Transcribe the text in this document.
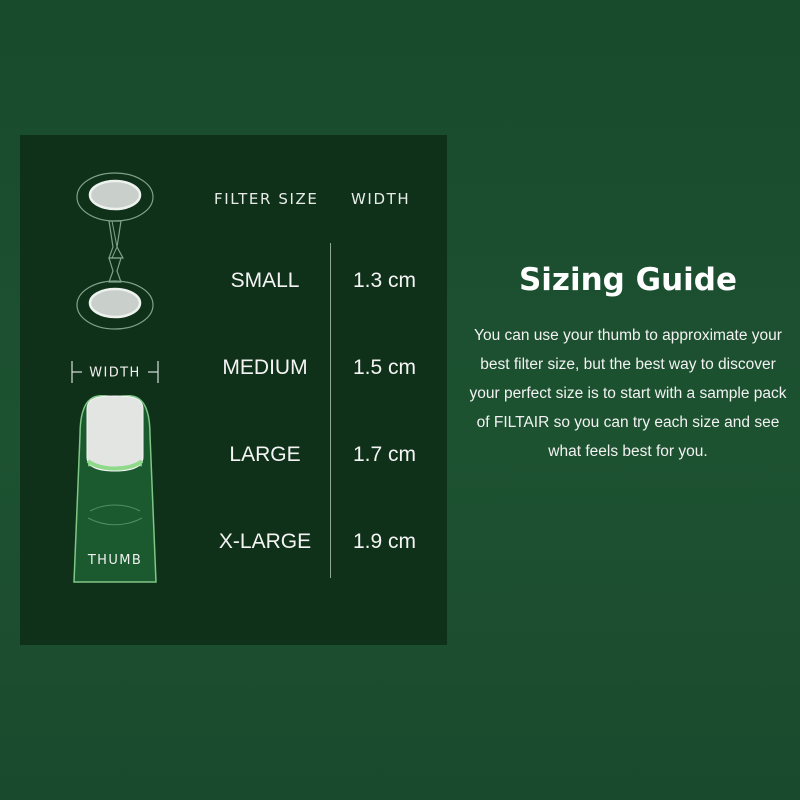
WIDTH
THUMB
FILTER SIZE WIDTH
SMALL	1.3 cm
MEDIUM	1.5 cm
LARGE	1.7 cm
X-LARGE	1.9 cm
Sizing Guide

You can use your thumb to approximate your best filter size, but the best way to discover your perfect size is to start with a sample pack of FILTAIR so you can try each size and see what feels best for you.
